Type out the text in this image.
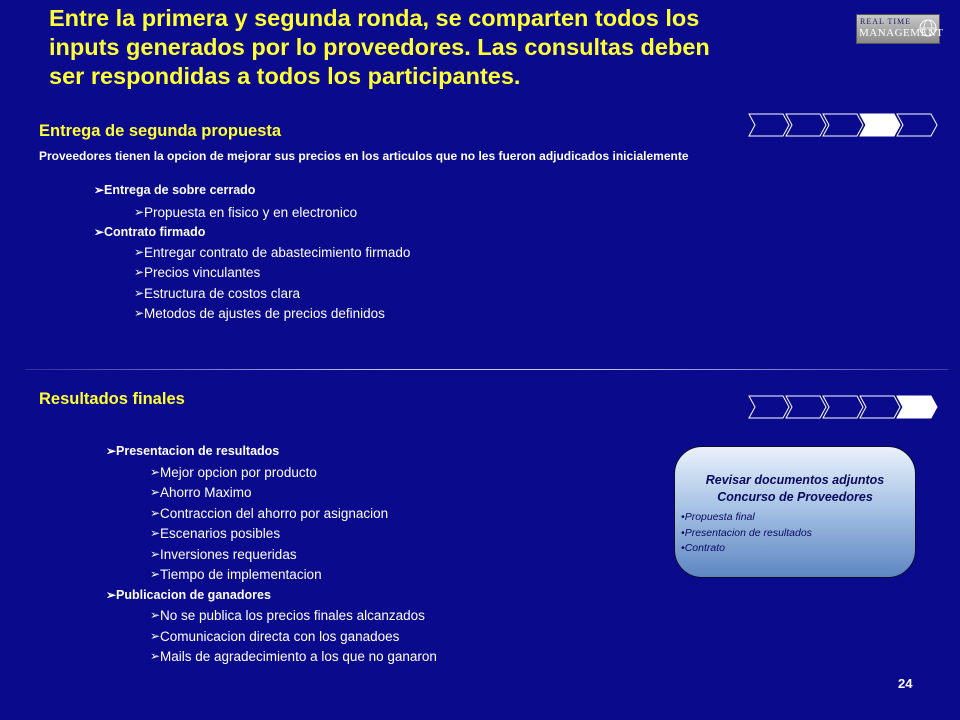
Entre la primera y segunda ronda, se comparten todos los
inputs generados por lo proveedores. Las consultas deben
ser respondidas a todos los participantes.
REAL TIME
MANAGEMENT
Entrega de segunda propuesta
Proveedores tienen la opcion de mejorar sus precios en los articulos que no les fueron adjudicados inicialemente
➢ Entrega de sobre cerrado
➢ Propuesta en fisico y en electronico
➢ Contrato firmado
➢ Entregar contrato de abastecimiento firmado
➢ Precios vinculantes
➢ Estructura de costos clara
➢ Metodos de ajustes de precios definidos
Resultados finales
➢ Presentacion de resultados
➢ Mejor opcion por producto
➢ Ahorro Maximo
➢ Contraccion del ahorro por asignacion
➢ Escenarios posibles
➢ Inversiones requeridas
➢ Tiempo de implementacion
➢ Publicacion de ganadores
➢ No se publica los precios finales alcanzados
➢ Comunicacion directa con los ganadoes
➢ Mails de agradecimiento a los que no ganaron
Revisar documentos adjuntos
Concurso de Proveedores
•Propuesta final
•Presentacion de resultados
•Contrato
24
